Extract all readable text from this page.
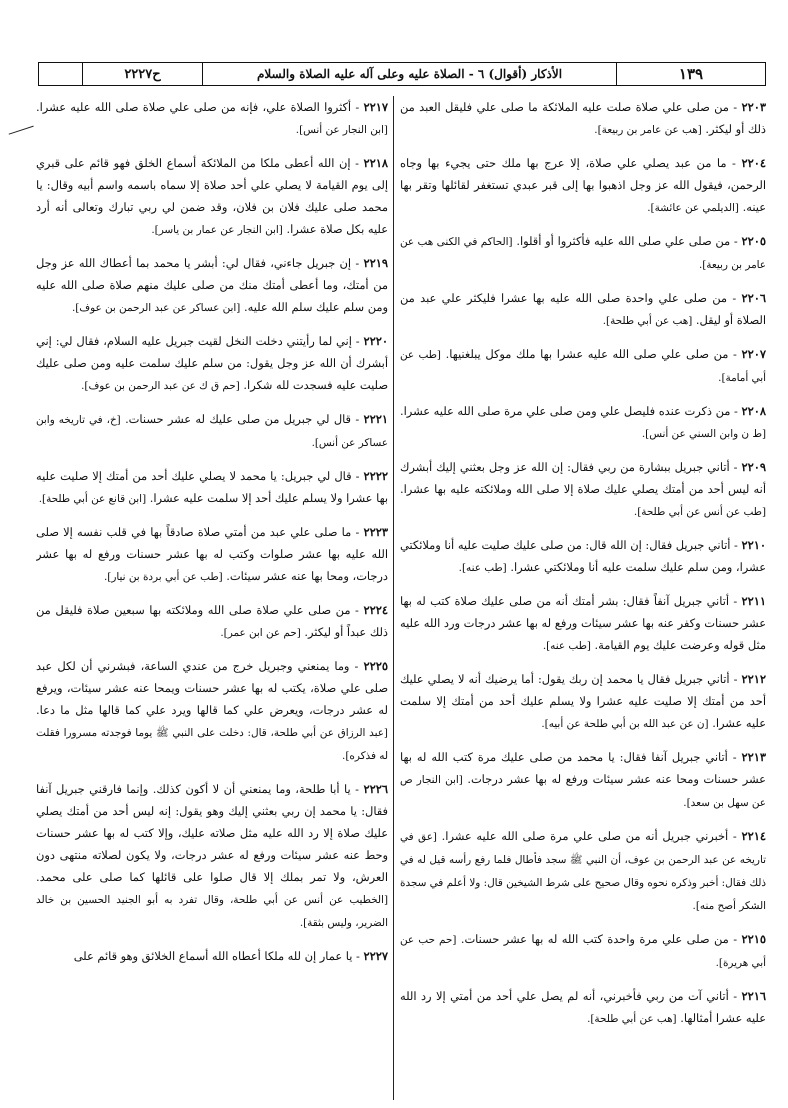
ح٢٢٢٧	الأذكار (أقوال) ٦ - الصلاة عليه وعلى آله عليه الصلاة والسلام	١٣٩

٢٢٠٣ - من صلى علي صلاة صلت عليه الملائكة ما صلى علي فليقل العبد من ذلك أو ليكثر. [هب عن عامر بن ربيعة].

٢٢٠٤ - ما من عبد يصلي علي صلاة، إلا عرج بها ملك حتى يجيء بها وجاه الرحمن، فيقول الله عز وجل اذهبوا بها إلى قبر عبدي تستغفر لقائلها وتقر بها عينه. [الديلمي عن عائشة].

٢٢٠٥ - من صلى علي صلى الله عليه فأكثروا أو أقلوا. [الحاكم في الكنى هب عن عامر بن ربيعة].

٢٢٠٦ - من صلى علي واحدة صلى الله عليه بها عشرا فليكثر علي عبد من الصلاة أو ليقل. [هب عن أبي طلحة].

٢٢٠٧ - من صلى علي صلى الله عليه عشرا بها ملك موكل يبلغنيها. [طب عن أبي أمامة].

٢٢٠٨ - من ذكرت عنده فليصل علي ومن صلى علي مرة صلى الله عليه عشرا. [ط ن وابن السني عن أنس].

٢٢٠٩ - أتاني جبريل ببشارة من ربي فقال: إن الله عز وجل بعثني إليك أبشرك أنه ليس أحد من أمتك يصلي عليك صلاة إلا صلى الله وملائكته عليه بها عشرا. [طب عن أنس عن أبي طلحة].

٢٢١٠ - أتاني جبريل فقال: إن الله قال: من صلى عليك صليت عليه أنا وملائكتي عشرا، ومن سلم عليك سلمت عليه أنا وملائكتي عشرا. [طب عنه].

٢٢١١ - أتاني جبريل آنفاً فقال: بشر أمتك أنه من صلى عليك صلاة كتب له بها عشر حسنات وكفر عنه بها عشر سيئات ورفع له بها عشر درجات ورد الله عليه مثل قوله وعرضت عليك يوم القيامة. [طب عنه].

٢٢١٢ - أتاني جبريل فقال يا محمد إن ربك يقول: أما يرضيك أنه لا يصلي عليك أحد من أمتك إلا صليت عليه عشرا ولا يسلم عليك أحد من أمتك إلا سلمت عليه عشرا. [ن عن عبد الله بن أبي طلحة عن أبيه].

٢٢١٣ - أتاني جبريل آنفا فقال: يا محمد من صلى عليك مرة كتب الله له بها عشر حسنات ومحا عنه عشر سيئات ورفع له بها عشر درجات. [ابن النجار ص عن سهل بن سعد].

٢٢١٤ - أخبرني جبريل أنه من صلى علي مرة صلى الله عليه عشرا. [عق في تاريخه عن عبد الرحمن بن عوف، أن النبي ﷺ سجد فأطال فلما رفع رأسه قيل له في ذلك فقال: أخبر وذكره نحوه وقال صحيح على شرط الشيخين قال: ولا أعلم في سجدة الشكر أصح منه].

٢٢١٥ - من صلى علي مرة واحدة كتب الله له بها عشر حسنات. [حم حب عن أبي هريرة].

٢٢١٦ - أتاني آت من ربي فأخبرني، أنه لم يصل علي أحد من أمتي إلا رد الله عليه عشرا أمثالها. [هب عن أبي طلحة].

٢٢١٧ - أكثروا الصلاة علي، فإنه من صلى علي صلاة صلى الله عليه عشرا. [ابن النجار عن أنس].

٢٢١٨ - إن الله أعطى ملكا من الملائكة أسماع الخلق فهو قائم على قبري إلى يوم القيامة لا يصلي علي أحد صلاة إلا سماه باسمه واسم أبيه وقال: يا محمد صلى عليك فلان بن فلان، وقد ضمن لي ربي تبارك وتعالى أنه أرد عليه بكل صلاة عشرا. [ابن النجار عن عمار بن ياسر].

٢٢١٩ - إن جبريل جاءني، فقال لي: أبشر يا محمد بما أعطاك الله عز وجل من أمتك، وما أعطى أمتك منك من صلى عليك منهم صلاة صلى الله عليه ومن سلم عليك سلم الله عليه. [ابن عساكر عن عبد الرحمن بن عوف].

٢٢٢٠ - إني لما رأيتني دخلت النخل لقيت جبريل عليه السلام، فقال لي: إني أبشرك أن الله عز وجل يقول: من سلم عليك سلمت عليه ومن صلى عليك صليت عليه فسجدت لله شكرا. [حم ق ك عن عبد الرحمن بن عوف].

٢٢٢١ - قال لي جبريل من صلى عليك له عشر حسنات. [خ، في تاريخه وابن عساكر عن أنس].

٢٢٢٢ - قال لي جبريل: يا محمد لا يصلي عليك أحد من أمتك إلا صليت عليه بها عشرا ولا يسلم عليك أحد إلا سلمت عليه عشرا. [ابن قانع عن أبي طلحة].

٢٢٢٣ - ما صلى علي عبد من أمتي صلاة صادقاً بها في قلب نفسه إلا صلى الله عليه بها عشر صلوات وكتب له بها عشر حسنات ورفع له بها عشر درجات، ومحا بها عنه عشر سيئات. [طب عن أبي بردة بن نيار].

٢٢٢٤ - من صلى علي صلاة صلى الله وملائكته بها سبعين صلاة فليقل من ذلك عبداً أو ليكثر. [حم عن ابن عمر].

٢٢٢٥ - وما يمنعني وجبريل خرج من عندي الساعة، فبشرني أن لكل عبد صلى علي صلاة، يكتب له بها عشر حسنات ويمحا عنه عشر سيئات، ويرفع له عشر درجات، ويعرض علي كما قالها ويرد علي كما قالها مثل ما دعا. [عبد الرزاق عن أبي طلحة، قال: دخلت على النبي ﷺ يوما فوجدته مسرورا فقلت له فذكره].

٢٢٢٦ - يا أبا طلحة، وما يمنعني أن لا أكون كذلك. وإنما فارقني جبريل آنفا فقال: يا محمد إن ربي بعثني إليك وهو يقول: إنه ليس أحد من أمتك يصلي عليك صلاة إلا رد الله عليه مثل صلاته عليك، وإلا كتب له بها عشر حسنات وحط عنه عشر سيئات ورفع له عشر درجات، ولا يكون لصلاته منتهى دون العرش، ولا تمر بملك إلا قال صلوا على قائلها كما صلى على محمد. [الخطيب عن أنس عن أبي طلحة، وقال تفرد به أبو الجنيد الحسين بن خالد الضرير، وليس بثقة].

٢٢٢٧ - يا عمار إن لله ملكا أعطاه الله أسماع الخلائق وهو قائم على
